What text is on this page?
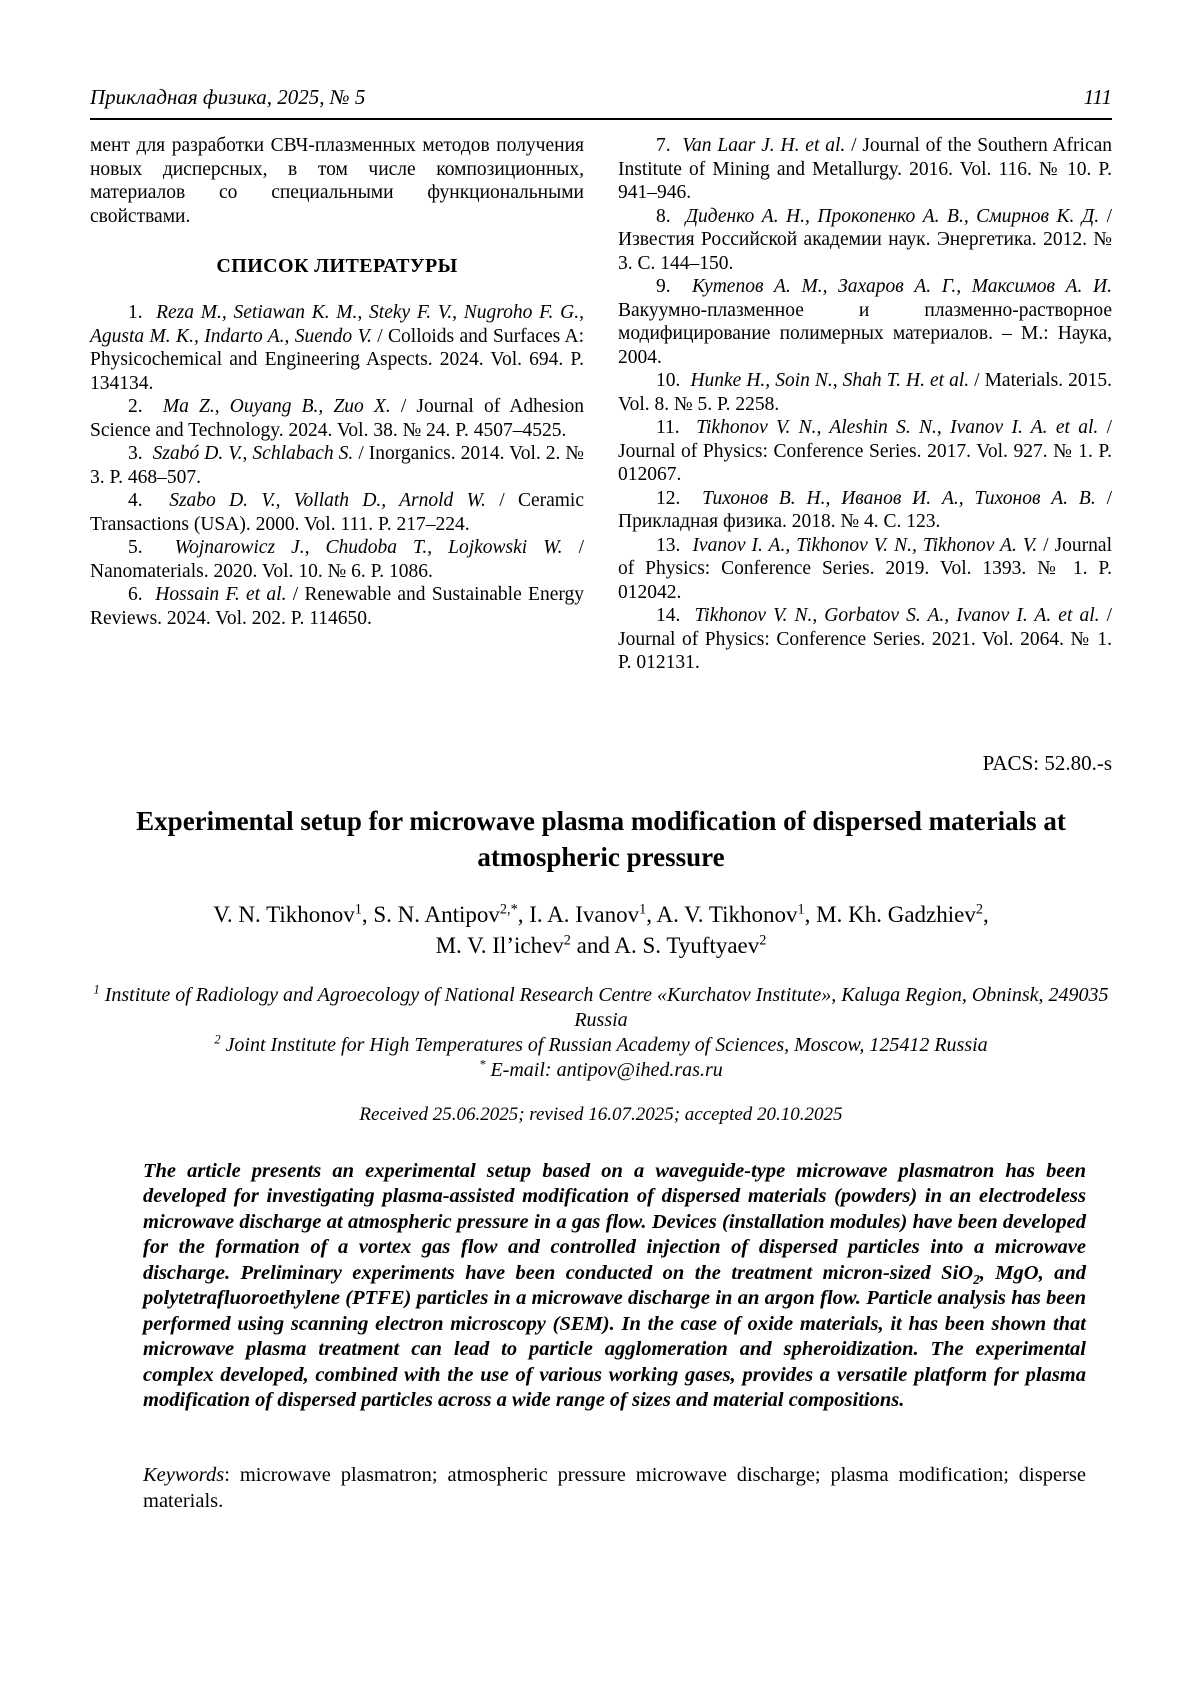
Прикладная физика, 2025, № 5	111

мент для разработки СВЧ-плазменных методов получения новых дисперсных, в том числе композиционных, материалов со специальными функциональными свойствами.

СПИСОК ЛИТЕРАТУРЫ

1.  Reza M., Setiawan K. M., Steky F. V., Nugroho F. G., Agusta M. K., Indarto A., Suendo V. / Colloids and Surfaces A: Physicochemical and Engineering Aspects. 2024. Vol. 694. P. 134134.

2.  Ma Z., Ouyang B., Zuo X. / Journal of Adhesion Science and Technology. 2024. Vol. 38. № 24. P. 4507–4525.

3.  Szabó D. V., Schlabach S. / Inorganics. 2014. Vol. 2. № 3. P. 468–507.

4.  Szabo D. V., Vollath D., Arnold W. / Ceramic Transactions (USA). 2000. Vol. 111. P. 217–224.

5.  Wojnarowicz J., Chudoba T., Lojkowski W. / Nanomaterials. 2020. Vol. 10. № 6. P. 1086.

6.  Hossain F. et al. / Renewable and Sustainable Energy Reviews. 2024. Vol. 202. P. 114650.

7.  Van Laar J. H. et al. / Journal of the Southern African Institute of Mining and Metallurgy. 2016. Vol. 116. № 10. P. 941–946.

8.  Диденко А. Н., Прокопенко А. В., Смирнов К. Д. / Известия Российской академии наук. Энергетика. 2012. № 3. С. 144–150.

9.  Кутепов А. М., Захаров А. Г., Максимов А. И. Вакуумно-плазменное и плазменно-растворное модифицирование полимерных материалов. – М.: Наука, 2004.

10.  Hunke H., Soin N., Shah T. H. et al. / Materials. 2015. Vol. 8. № 5. P. 2258.

11.  Tikhonov V. N., Aleshin S. N., Ivanov I. A. et al. / Journal of Physics: Conference Series. 2017. Vol. 927. № 1. P. 012067.

12.  Тихонов В. Н., Иванов И. А., Тихонов А. В. / Прикладная физика. 2018. № 4. С. 123.

13.  Ivanov I. A., Tikhonov V. N., Tikhonov A. V. / Journal of Physics: Conference Series. 2019. Vol. 1393. № 1. P. 012042.

14.  Tikhonov V. N., Gorbatov S. A., Ivanov I. A. et al. / Journal of Physics: Conference Series. 2021. Vol. 2064. № 1. P. 012131.

PACS: 52.80.-s
Experimental setup for microwave plasma modification of dispersed materials at atmospheric pressure
V. N. Tikhonov$^1$, S. N. Antipov$^{2,*}$, I. A. Ivanov$^1$, A. V. Tikhonov$^1$, M. Kh. Gadzhiev$^2$,
M. V. Il’ichev$^2$ and A. S. Tyuftyaev$^2$
$^1$ Institute of Radiology and Agroecology of National Research Centre «Kurchatov Institute», Kaluga Region, Obninsk, 249035 Russia
$^2$ Joint Institute for High Temperatures of Russian Academy of Sciences, Moscow, 125412 Russia
* E-mail: antipov@ihed.ras.ru
Received 25.06.2025; revised 16.07.2025; accepted 20.10.2025

The article presents an experimental setup based on a waveguide-type microwave plasmatron has been developed for investigating plasma-assisted modification of dispersed materials (powders) in an electrodeless microwave discharge at atmospheric pressure in a gas flow. Devices (installation modules) have been developed for the formation of a vortex gas flow and controlled injection of dispersed particles into a microwave discharge. Preliminary experiments have been conducted on the treatment micron-sized SiO$_2$, MgO, and polytetrafluoroethylene (PTFE) particles in a microwave discharge in an argon flow. Particle analysis has been performed using scanning electron microscopy (SEM). In the case of oxide materials, it has been shown that microwave plasma treatment can lead to particle agglomeration and spheroidization. The experimental complex developed, combined with the use of various working gases, provides a versatile platform for plasma modification of dispersed particles across a wide range of sizes and material compositions.

Keywords: microwave plasmatron; atmospheric pressure microwave discharge; plasma modification; disperse materials.
